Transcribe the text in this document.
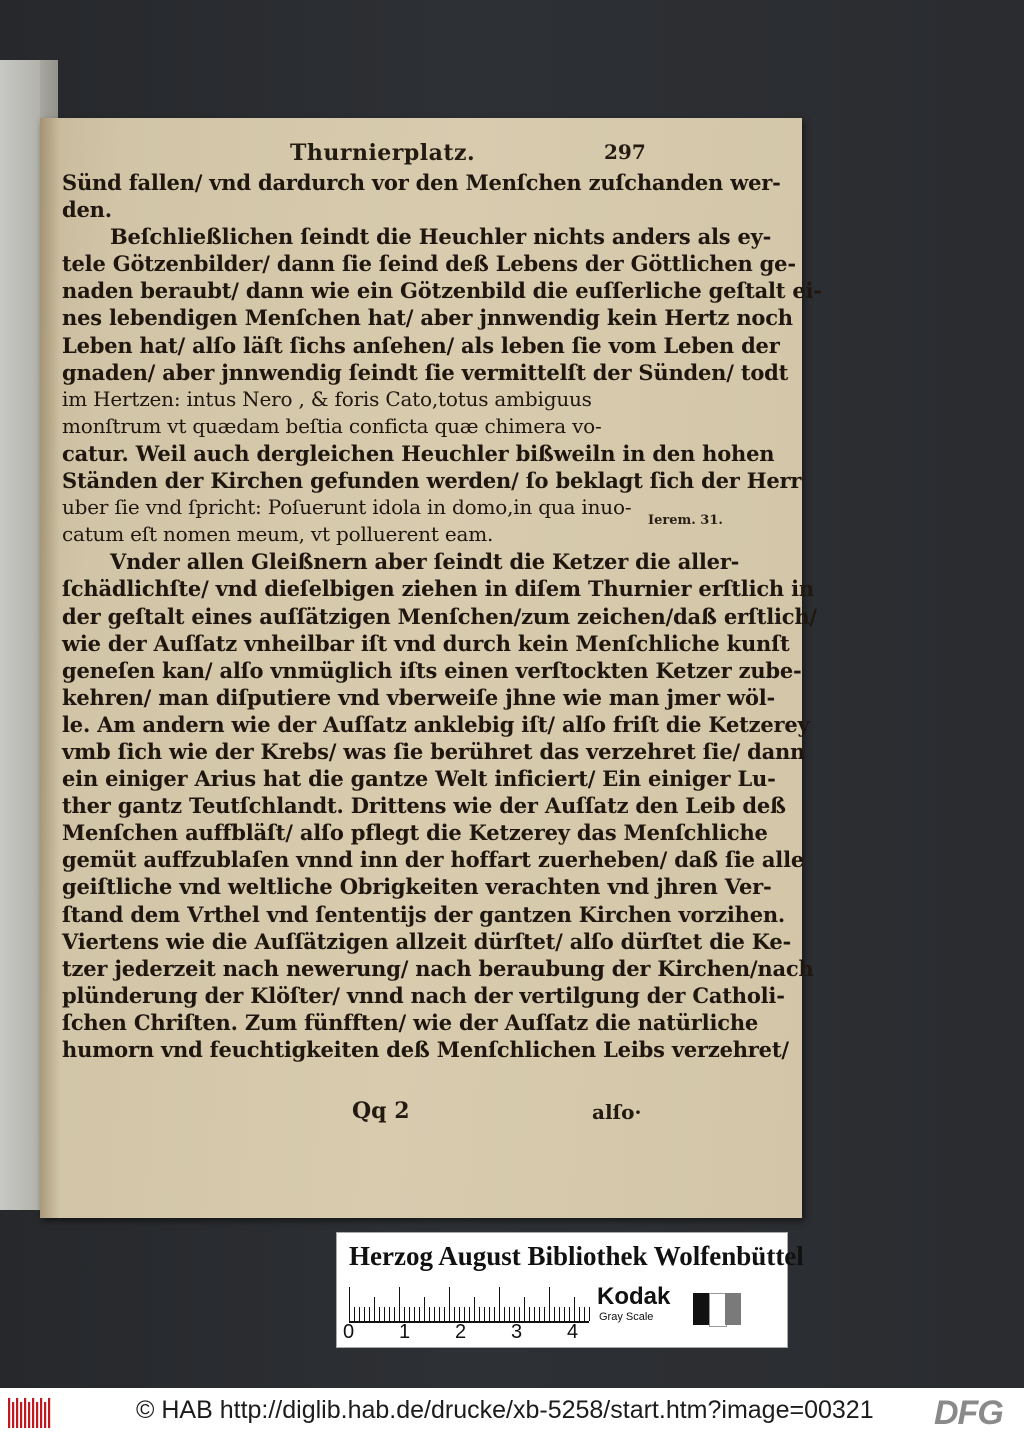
Thurnierplatz.	297
Sünd fallen/ vnd dardurch vor den Menſchen zuſchanden wer-
den.
Beſchließlichen ſeindt die Heuchler nichts anders als ey-
tele Götzenbilder/ dann ſie ſeind deß Lebens der Göttlichen ge-
naden beraubt/ dann wie ein Götzenbild die euſſerliche geſtalt ei-
nes lebendigen Menſchen hat/ aber jnnwendig kein Hertz noch
Leben hat/ alſo läſt ſichs anſehen/ als leben ſie vom Leben der
gnaden/ aber jnnwendig ſeindt ſie vermittelſt der Sünden/ todt
im Hertzen: intus Nero , & foris Cato,totus ambiguus
monſtrum vt quædam beſtia conficta quæ chimera vo-
catur. Weil auch dergleichen Heuchler bißweiln in den hohen
Ständen der Kirchen gefunden werden/ ſo beklagt ſich der Herr
uber ſie vnd ſpricht: Poſuerunt idola in domo,in qua inuo-
catum eſt nomen meum, vt polluerent eam.
Vnder allen Gleißnern aber ſeindt die Ketzer die aller-
ſchädlichſte/ vnd dieſelbigen ziehen in diſem Thurnier erſtlich in
der geſtalt eines auſſätzigen Menſchen/zum zeichen/daß erſtlich/
wie der Auſſatz vnheilbar iſt vnd durch kein Menſchliche kunſt
geneſen kan/ alſo vnmüglich iſts einen verſtockten Ketzer zube-
kehren/ man diſputiere vnd vberweiſe jhne wie man jmer wöl-
le. Am andern wie der Auſſatz anklebig iſt/ alſo friſt die Ketzerey
vmb ſich wie der Krebs/ was ſie berühret das verzehret ſie/ dann
ein einiger Arius hat die gantze Welt inficiert/ Ein einiger Lu-
ther gantz Teutſchlandt. Drittens wie der Auſſatz den Leib deß
Menſchen auffbläſt/ alſo pflegt die Ketzerey das Menſchliche
gemüt auffzublaſen vnnd inn der hoffart zuerheben/ daß ſie alle
geiſtliche vnd weltliche Obrigkeiten verachten vnd jhren Ver-
ſtand dem Vrthel vnd ſententijs der gantzen Kirchen vorzihen.
Viertens wie die Auſſätzigen allzeit dürſtet/ alſo dürſtet die Ke-
tzer jederzeit nach newerung/ nach beraubung der Kirchen/nach
plünderung der Klöſter/ vnnd nach der vertilgung der Catholi-
ſchen Chriſten. Zum fünfften/ wie der Auſſatz die natürliche
humorn vnd feuchtigkeiten deß Menſchlichen Leibs verzehret/
Ierem. 31.
Qq 2	alſo·
Herzog August Bibliothek Wolfenbüttel
0 1 2 3 4
Kodak
Gray Scale
© HAB http://diglib.hab.de/drucke/xb-5258/start.htm?image=00321 DFG
